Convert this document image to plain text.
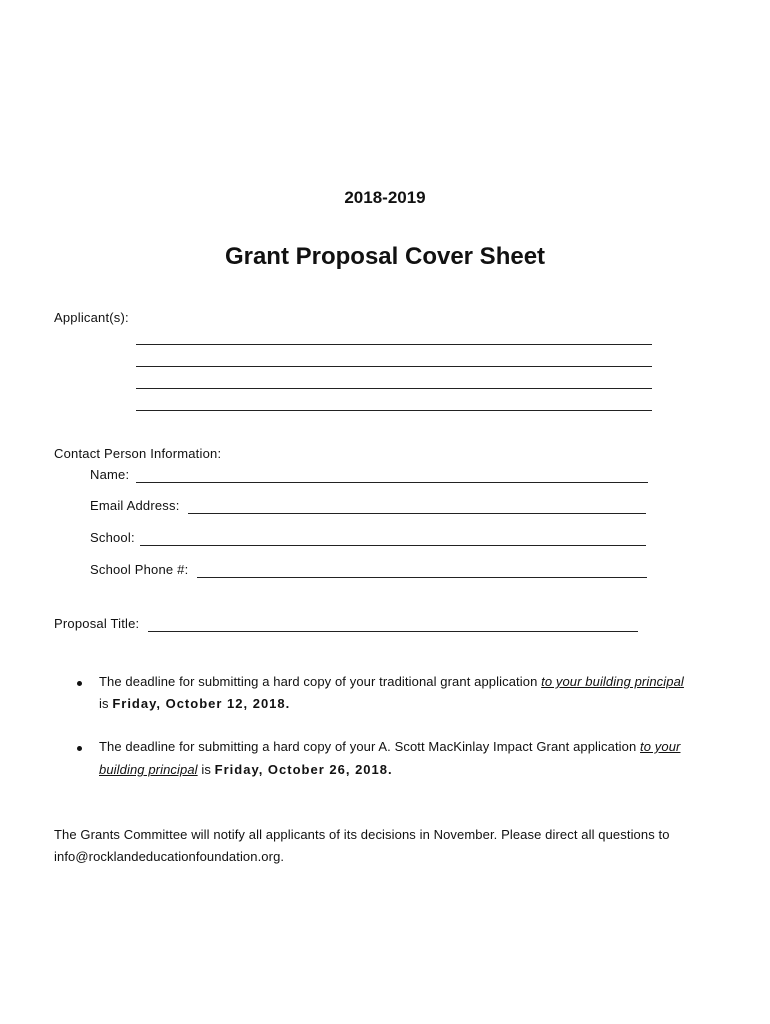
2018-2019
Grant Proposal Cover Sheet
Applicant(s):
Contact Person Information:
Name:
Email Address:
School:
School Phone #:
Proposal Title:
The deadline for submitting a hard copy of your traditional grant application to your building principal
is Friday, October 12, 2018.
The deadline for submitting a hard copy of your A. Scott MacKinlay Impact Grant application to your
building principal is Friday, October 26, 2018.
The Grants Committee will notify all applicants of its decisions in November. Please direct all questions to
info@rocklandeducationfoundation.org.
